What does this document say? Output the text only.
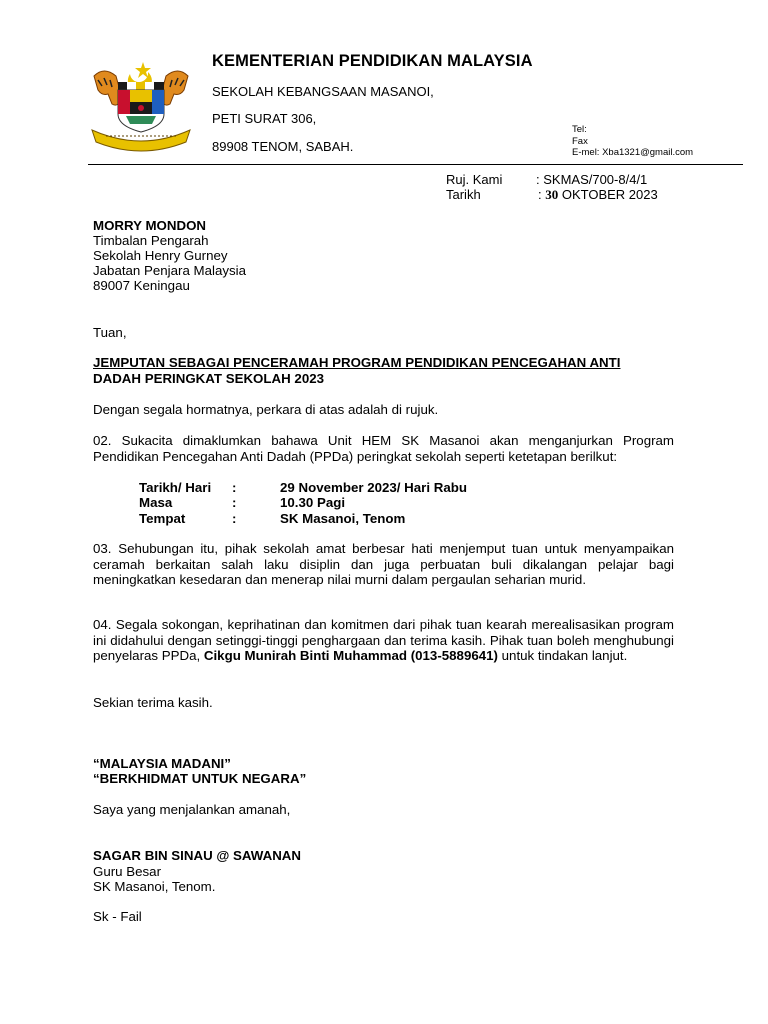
KEMENTERIAN PENDIDIKAN MALAYSIA
SEKOLAH KEBANGSAAN MASANOI,
PETI SURAT 306,
89908 TENOM, SABAH.
Tel:
Fax
E-mel: Xba1321@gmail.com
Ruj. Kami	: SKMAS/700-8/4/1
Tarikh	: 30 OKTOBER 2023
MORRY MONDON
Timbalan Pengarah
Sekolah Henry Gurney
Jabatan Penjara Malaysia
89007 Keningau
Tuan,
JEMPUTAN SEBAGAI PENCERAMAH PROGRAM PENDIDIKAN PENCEGAHAN ANTI
DADAH PERINGKAT SEKOLAH 2023
Dengan segala hormatnya, perkara di atas adalah di rujuk.
02. Sukacita dimaklumkan bahawa Unit HEM SK Masanoi akan menganjurkan Program Pendidikan Pencegahan Anti Dadah (PPDa) peringkat sekolah seperti ketetapan berilkut:
Tarikh/ Hari :	29 November 2023/ Hari Rabu
Masa	:	10.30 Pagi
Tempat	:	SK Masanoi, Tenom
03. Sehubungan itu, pihak sekolah amat berbesar hati menjemput tuan untuk menyampaikan ceramah berkaitan salah laku disiplin dan juga perbuatan buli dikalangan pelajar bagi meningkatkan kesedaran dan menerap nilai murni dalam pergaulan seharian murid.
04. Segala sokongan, keprihatinan dan komitmen dari pihak tuan kearah merealisasikan program ini didahului dengan setinggi-tinggi penghargaan dan terima kasih. Pihak tuan boleh menghubungi penyelaras PPDa, Cikgu Munirah Binti Muhammad (013-5889641) untuk tindakan lanjut.
Sekian terima kasih.
“MALAYSIA MADANI”
“BERKHIDMAT UNTUK NEGARA”
Saya yang menjalankan amanah,
SAGAR BIN SINAU @ SAWANAN
Guru Besar
SK Masanoi, Tenom.
Sk - Fail
